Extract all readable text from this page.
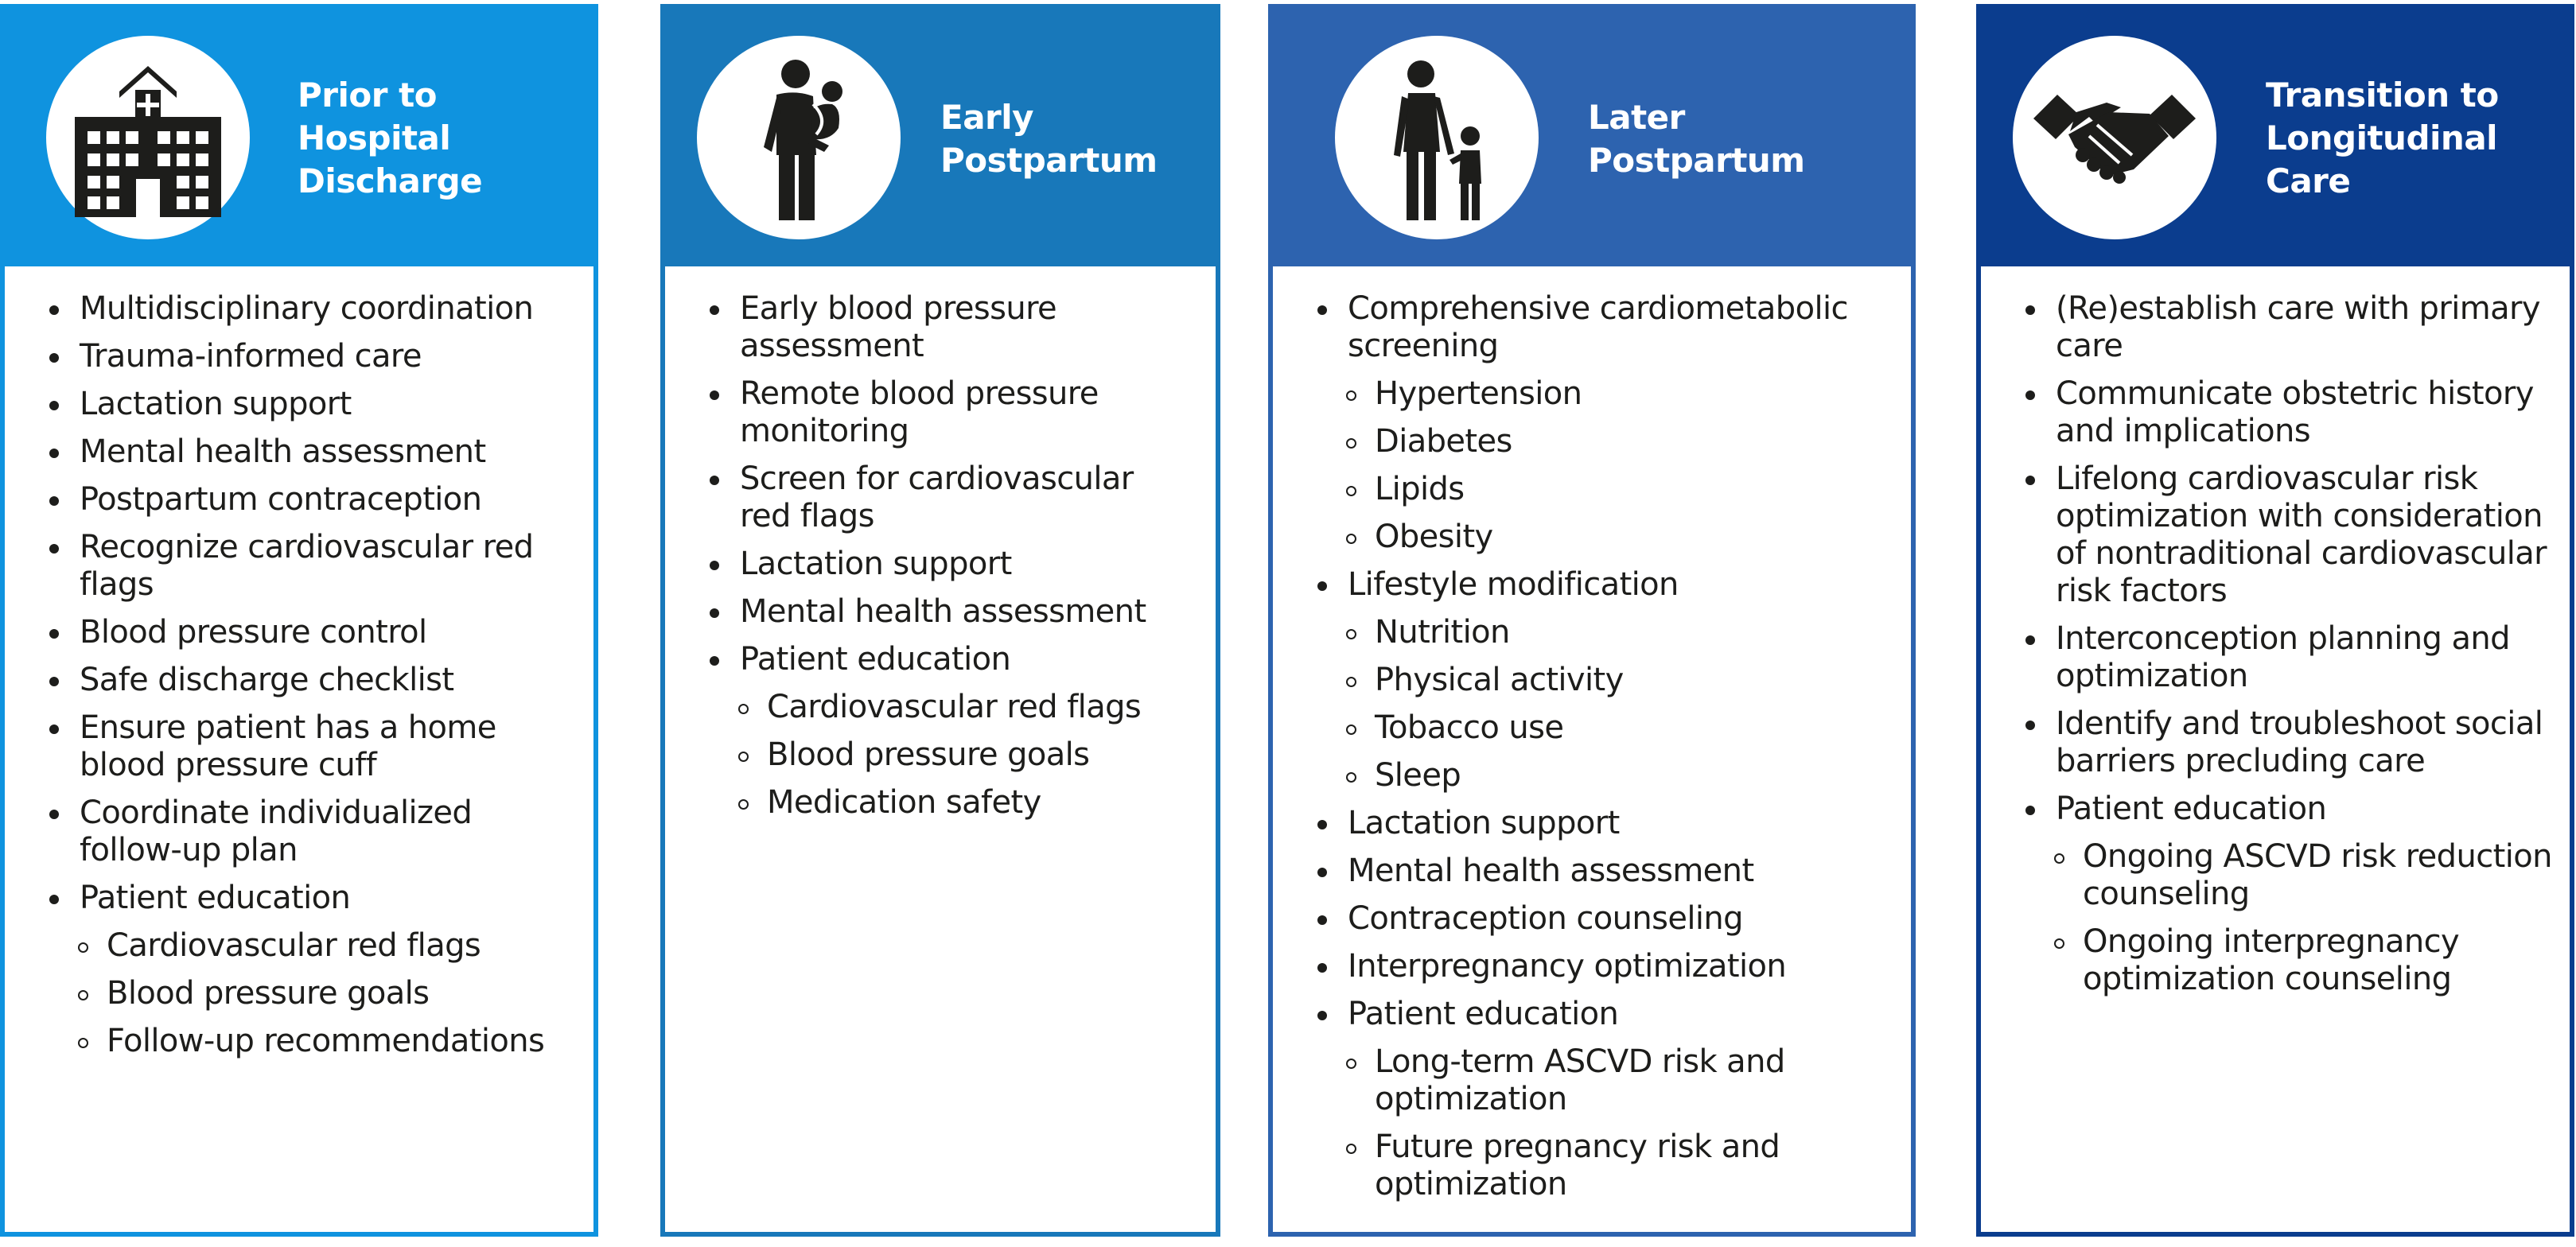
Prior to
Hospital
Discharge
Multidisciplinary coordination
Trauma-informed care
Lactation support
Mental health assessment
Postpartum contraception
Recognize cardiovascular red flags
Blood pressure control
Safe discharge checklist
Ensure patient has a home blood pressure cuff
Coordinate individualized follow-up plan
Patient education
Cardiovascular red flags
Blood pressure goals
Follow-up recommendations
Early
Postpartum
Early blood pressure assessment
Remote blood pressure monitoring
Screen for cardiovascular red flags
Lactation support
Mental health assessment
Patient education
Cardiovascular red flags
Blood pressure goals
Medication safety
Later
Postpartum
Comprehensive cardiometabolic screening
Hypertension
Diabetes
Lipids
Obesity
Lifestyle modification
Nutrition
Physical activity
Tobacco use
Sleep
Lactation support
Mental health assessment
Contraception counseling
Interpregnancy optimization
Patient education
Long-term ASCVD risk and optimization
Future pregnancy risk and optimization
Transition to
Longitudinal
Care
(Re)establish care with primary care
Communicate obstetric history and implications
Lifelong cardiovascular risk optimization with consideration of nontraditional cardiovascular risk factors
Interconception planning and optimization
Identify and troubleshoot social barriers precluding care
Patient education
Ongoing ASCVD risk reduction counseling
Ongoing interpregnancy optimization counseling
